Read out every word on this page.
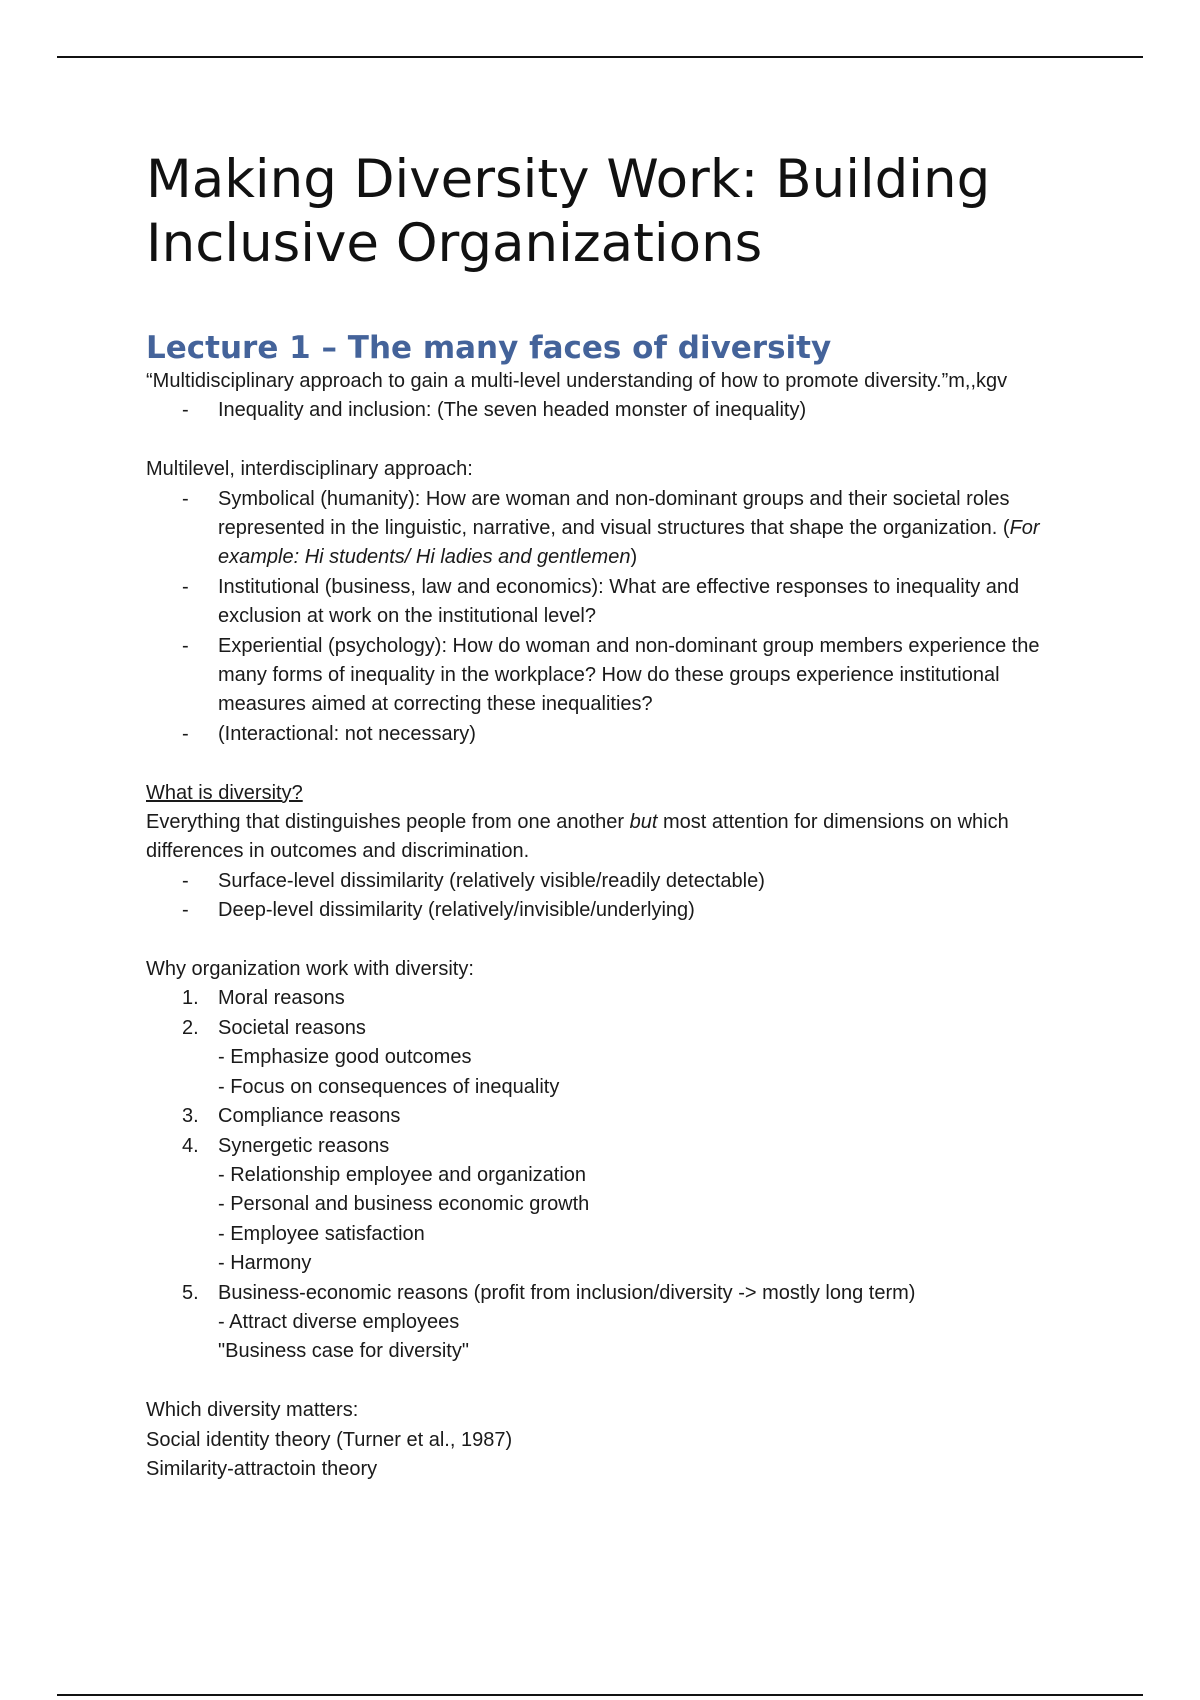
Making Diversity Work: Building
Inclusive Organizations
Lecture 1 – The many faces of diversity

“Multidisciplinary approach to gain a multi-level understanding of how to promote diversity.”m,,kgv

-	Inequality and inclusion: (The seven headed monster of inequality)

Multilevel, interdisciplinary approach:

-	Symbolical (humanity): How are woman and non-dominant groups and their societal roles represented in the linguistic, narrative, and visual structures that shape the organization. (For example: Hi students/ Hi ladies and gentlemen)
-	Institutional (business, law and economics): What are effective responses to inequality and exclusion at work on the institutional level?
-	Experiential (psychology): How do woman and non-dominant group members experience the many forms of inequality in the workplace? How do these groups experience institutional measures aimed at correcting these inequalities?
-	(Interactional: not necessary)

What is diversity?

Everything that distinguishes people from one another but most attention for dimensions on which differences in outcomes and discrimination.

-	Surface-level dissimilarity (relatively visible/readily detectable)
-	Deep-level dissimilarity (relatively/invisible/underlying)

Why organization work with diversity:

1. Moral reasons
2. Societal reasons

- Emphasize good outcomes

- Focus on consequences of inequality

3. Compliance reasons
4. Synergetic reasons

- Relationship employee and organization

- Personal and business economic growth

- Employee satisfaction

- Harmony

5. Business-economic reasons (profit from inclusion/diversity -> mostly long term)

- Attract diverse employees

"Business case for diversity"

Which diversity matters:

Social identity theory (Turner et al., 1987)

Similarity-attractoin theory
